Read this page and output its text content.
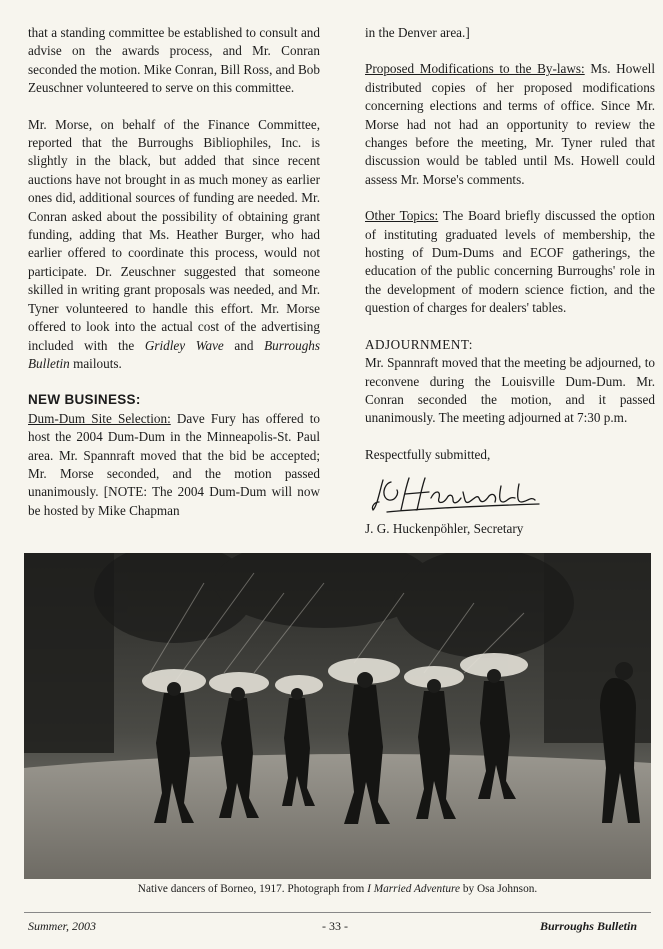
that a standing committee be established to consult and advise on the awards process, and Mr. Conran seconded the motion. Mike Conran, Bill Ross, and Bob Zeuschner volunteered to serve on this committee.

Mr. Morse, on behalf of the Finance Committee, reported that the Burroughs Bibliophiles, Inc. is slightly in the black, but added that since recent auctions have not brought in as much money as earlier ones did, additional sources of funding are needed. Mr. Conran asked about the possibility of obtaining grant funding, adding that Ms. Heather Burger, who had earlier offered to coordinate this process, would not participate. Dr. Zeuschner suggested that someone skilled in writing grant proposals was needed, and Mr. Tyner volunteered to handle this effort. Mr. Morse offered to look into the actual cost of the advertising included with the Gridley Wave and Burroughs Bulletin mailouts.

NEW BUSINESS:

Dum-Dum Site Selection: Dave Fury has offered to host the 2004 Dum-Dum in the Minneapolis-St. Paul area. Mr. Spannraft moved that the bid be accepted; Mr. Morse seconded, and the motion passed unanimously. [NOTE: The 2004 Dum-Dum will now be hosted by Mike Chapman

in the Denver area.]

Proposed Modifications to the By-laws: Ms. Howell distributed copies of her proposed modifications concerning elections and terms of office. Since Mr. Morse had not had an opportunity to review the changes before the meeting, Mr. Tyner ruled that discussion would be tabled until Ms. Howell could assess Mr. Morse's comments.

Other Topics: The Board briefly discussed the option of instituting graduated levels of membership, the hosting of Dum-Dums and ECOF gatherings, the education of the public concerning Burroughs' role in the development of modern science fiction, and the question of charges for dealers' tables.

ADJOURNMENT:

Mr. Spannraft moved that the meeting be adjourned, to reconvene during the Louisville Dum-Dum. Mr. Conran seconded the motion, and it passed unanimously. The meeting adjourned at 7:30 p.m.

Respectfully submitted,

J. G. Huckenpöhler, Secretary

Native dancers of Borneo, 1917. Photograph from I Married Adventure by Osa Johnson.
Summer, 2003	- 33 -	Burroughs Bulletin
